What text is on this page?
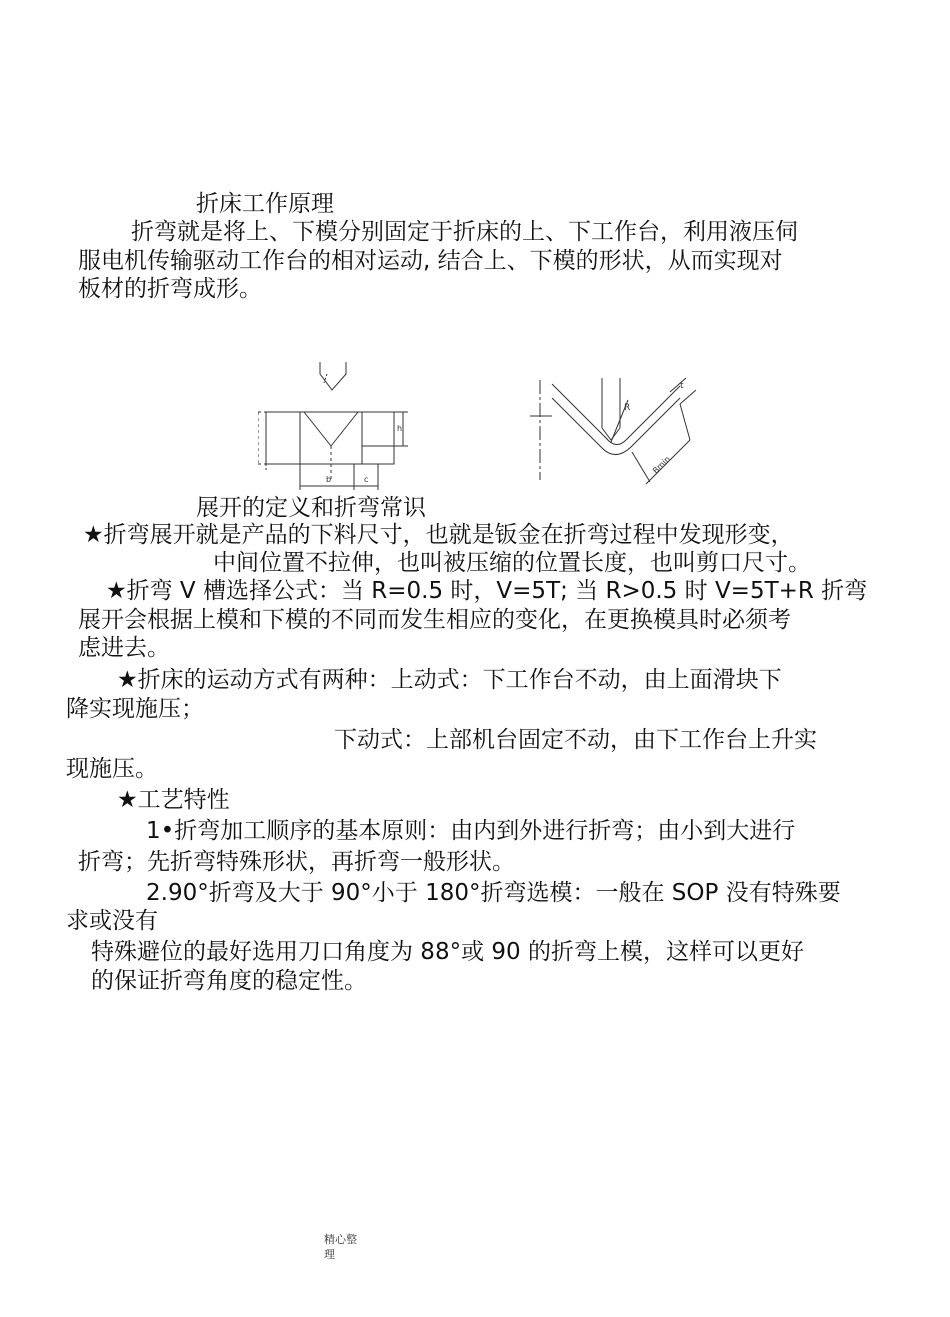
折床工作原理
折弯就是将上、下模分别固定于折床的上、下工作台，利用液压伺
服电机传输驱动工作台的相对运动, 结合上、下模的形状，从而实现对
板材的折弯成形。
h
b	c
R
t
Bmin
展开的定义和折弯常识
★折弯展开就是产品的下料尺寸，也就是钣金在折弯过程中发现形变，
中间位置不拉伸，也叫被压缩的位置长度，也叫剪口尺寸。
★折弯 V 槽选择公式：当 R=0.5 时，V=5T; 当 R>0.5 时 V=5T+R 折弯
展开会根据上模和下模的不同而发生相应的变化，在更换模具时必须考
虑进去。
★折床的运动方式有两种：上动式：下工作台不动，由上面滑块下
降实现施压；
下动式：上部机台固定不动，由下工作台上升实
现施压。
★工艺特性
1•折弯加工顺序的基本原则：由内到外进行折弯；由小到大进行
折弯；先折弯特殊形状，再折弯一般形状。
2.90°折弯及大于 90°小于 180°折弯选模：一般在 SOP 没有特殊要
求或没有
特殊避位的最好选用刀口角度为 88°或 90 的折弯上模，这样可以更好
的保证折弯角度的稳定性。
精心整
理
